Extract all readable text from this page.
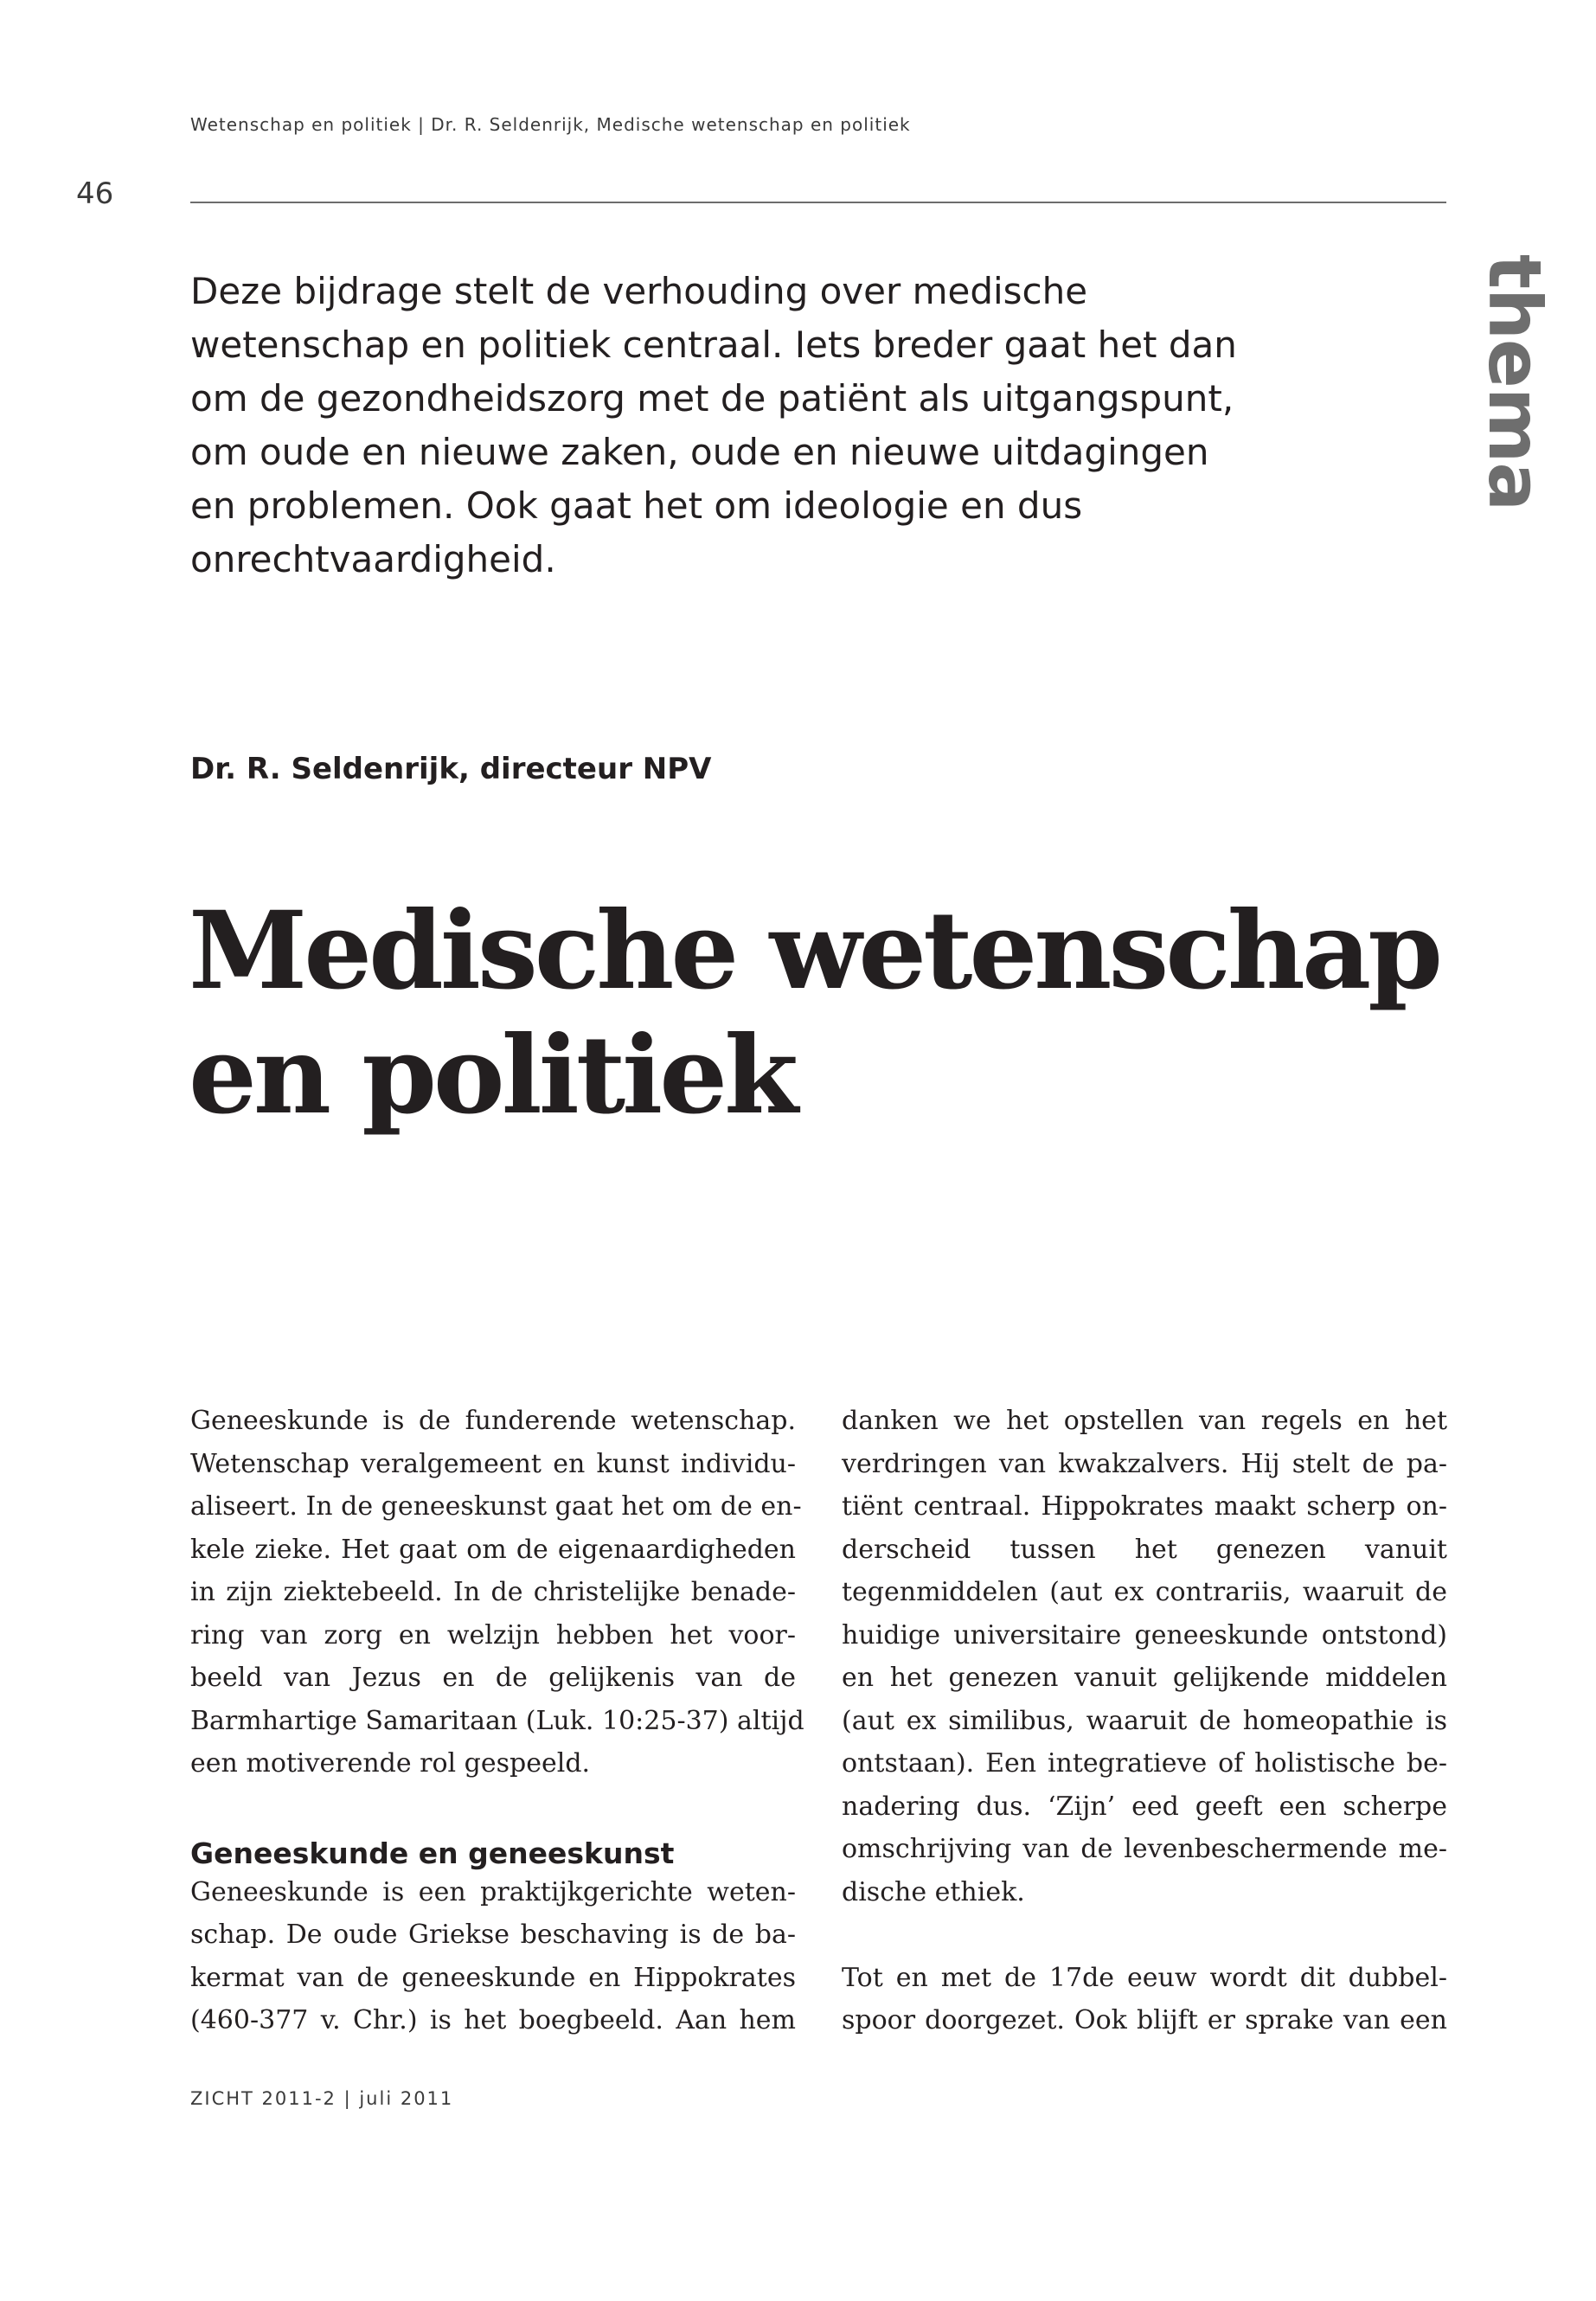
Wetenschap en politiek | Dr. R. Seldenrijk, Medische wetenschap en politiek
46
Deze bijdrage stelt de verhouding over medische
wetenschap en politiek centraal. Iets breder gaat het dan
om de gezondheidszorg met de patiënt als uitgangspunt,
om oude en nieuwe zaken, oude en nieuwe uitdagingen
en problemen. Ook gaat het om ideologie en dus
onrechtvaardigheid.
thema
Dr. R. Seldenrijk, directeur NPV
Medische wetenschap
en politiek
Geneeskunde is de funderende wetenschap.
Wetenschap veralgemeent en kunst individu-
aliseert. In de geneeskunst gaat het om de en-
kele zieke. Het gaat om de eigenaardigheden
in zijn ziektebeeld. In de christelijke benade-
ring van zorg en welzijn hebben het voor-
beeld van Jezus en de gelijkenis van de
Barmhartige Samaritaan (Luk. 10:25-37) altijd
een motiverende rol gespeeld.
Geneeskunde en geneeskunst
Geneeskunde is een praktijkgerichte weten-
schap. De oude Griekse beschaving is de ba-
kermat van de geneeskunde en Hippokrates
(460-377 v. Chr.) is het boegbeeld. Aan hem
danken we het opstellen van regels en het
verdringen van kwakzalvers. Hij stelt de pa-
tiënt centraal. Hippokrates maakt scherp on-
derscheid tussen het genezen vanuit
tegenmiddelen (aut ex contrariis, waaruit de
huidige universitaire geneeskunde ontstond)
en het genezen vanuit gelijkende middelen
(aut ex similibus, waaruit de homeopathie is
ontstaan). Een integratieve of holistische be-
nadering dus. ‘Zijn’ eed geeft een scherpe
omschrijving van de levenbeschermende me-
dische ethiek.
Tot en met de 17de eeuw wordt dit dubbel-
spoor doorgezet. Ook blijft er sprake van een
ZICHT 2011-2 | juli 2011
